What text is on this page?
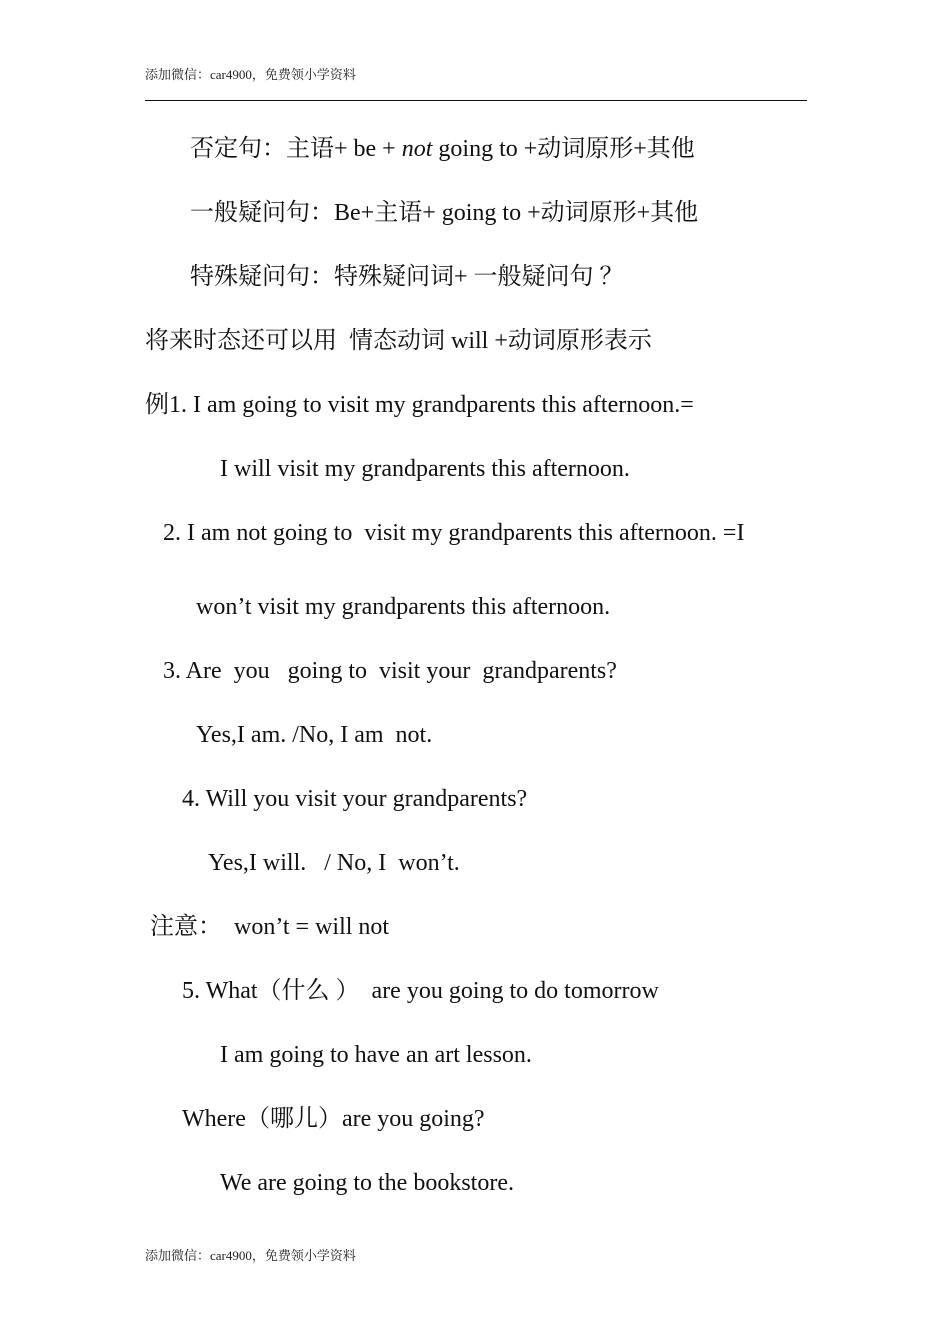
添加微信：car4900，免费领小学资料
否定句：主语+ be + not going to +动词原形+其他
一般疑问句：Be+主语+ going to +动词原形+其他
特殊疑问句：特殊疑问词+ 一般疑问句 ？
将来时态还可以用  情态动词 will +动词原形表示
例1. I am going to visit my grandparents this afternoon.=
I will visit my grandparents this afternoon.
2. I am not going to  visit my grandparents this afternoon. =I
won’t visit my grandparents this afternoon.
3. Are  you   going to  visit your  grandparents?
Yes,I am. /No, I am  not.
4. Will you visit your grandparents?
Yes,I will.   / No, I  won’t.
注意：  won’t = will not
5. What（什么 ）  are you going to do tomorrow
I am going to have an art lesson.
Where（哪儿）are you going?
We are going to the bookstore.
添加微信：car4900，免费领小学资料
